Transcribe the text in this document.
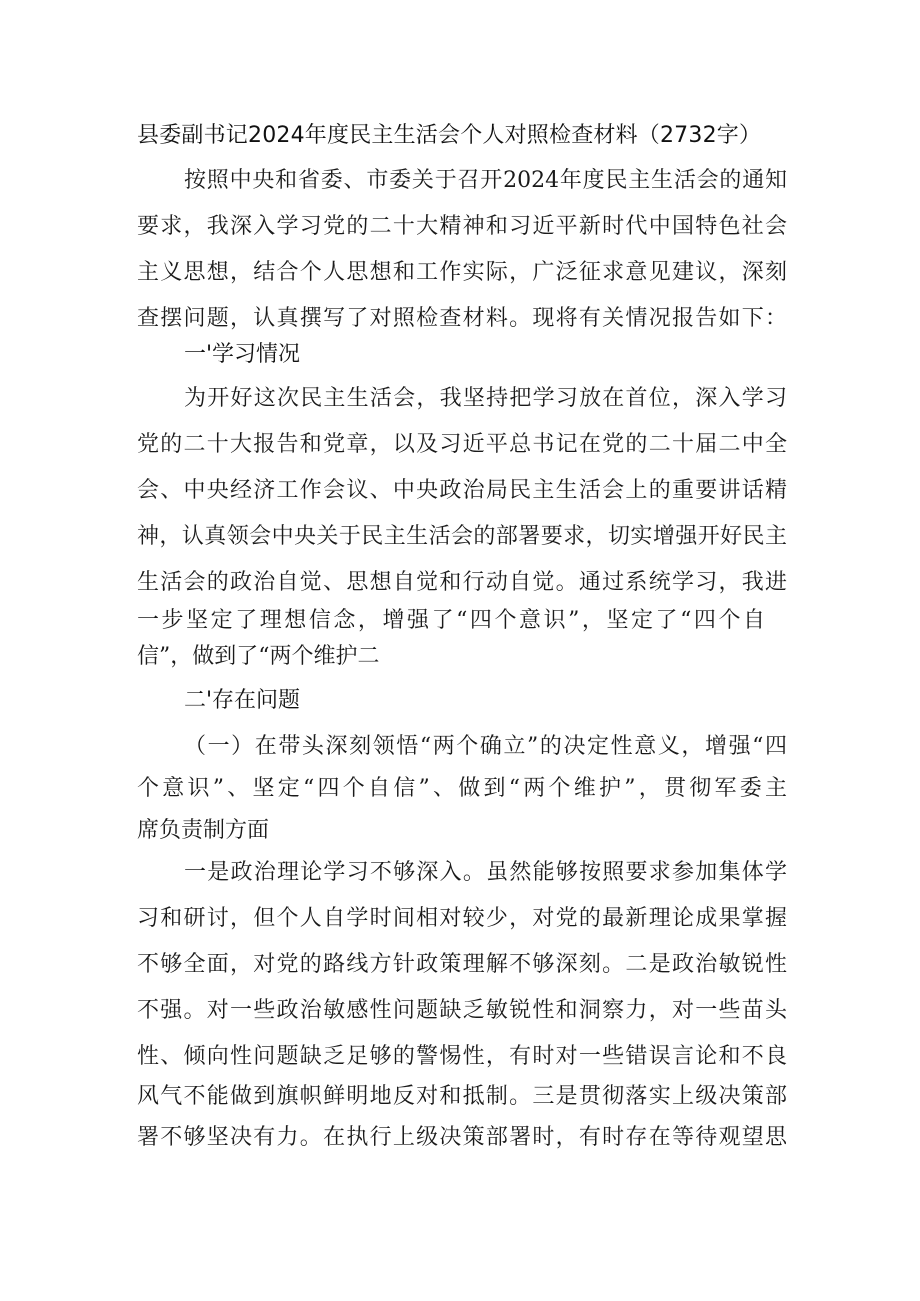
县委副书记2024年度民主生活会个人对照检查材料（2732字）
按照中央和省委、市委关于召开2024年度民主生活会的通知
要求，我深入学习党的二十大精神和习近平新时代中国特色社会
主义思想，结合个人思想和工作实际，广泛征求意见建议，深刻
查摆问题，认真撰写了对照检查材料。现将有关情况报告如下：
一'学习情况
为开好这次民主生活会，我坚持把学习放在首位，深入学习
党的二十大报告和党章，以及习近平总书记在党的二十届二中全
会、中央经济工作会议、中央政治局民主生活会上的重要讲话精
神，认真领会中央关于民主生活会的部署要求，切实增强开好民主
生活会的政治自觉、思想自觉和行动自觉。通过系统学习，我进
一步坚定了理想信念，增强了“四个意识”，坚定了“四个自
信”，做到了“两个维护二
二'存在问题
（一）在带头深刻领悟“两个确立”的决定性意义，增强“四
个意识”、坚定“四个自信”、做到“两个维护”，贯彻军委主
席负责制方面
一是政治理论学习不够深入。虽然能够按照要求参加集体学
习和研讨，但个人自学时间相对较少，对党的最新理论成果掌握
不够全面，对党的路线方针政策理解不够深刻。二是政治敏锐性
不强。对一些政治敏感性问题缺乏敏锐性和洞察力，对一些苗头
性、倾向性问题缺乏足够的警惕性，有时对一些错误言论和不良
风气不能做到旗帜鲜明地反对和抵制。三是贯彻落实上级决策部
署不够坚决有力。在执行上级决策部署时，有时存在等待观望思
